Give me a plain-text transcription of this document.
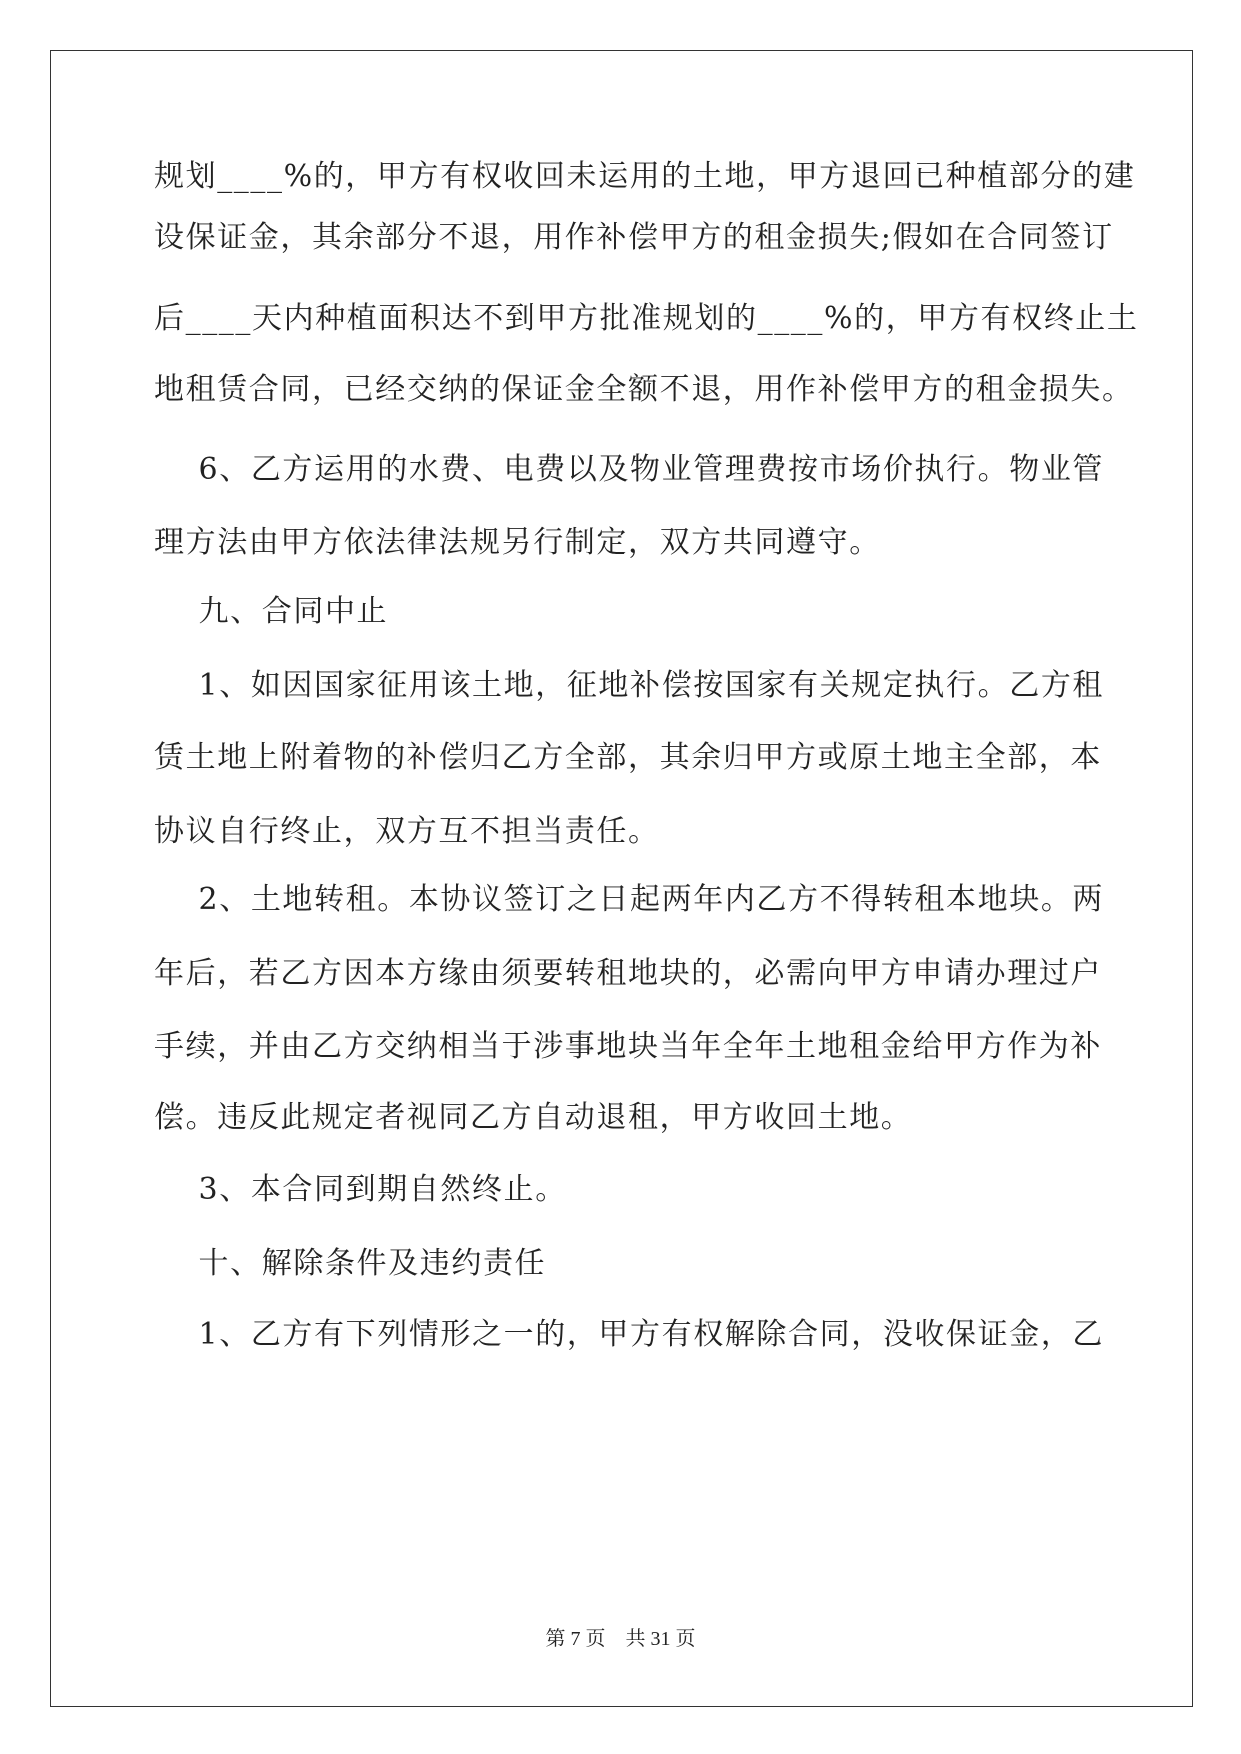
规划____%的，甲方有权收回未运用的土地，甲方退回已种植部分的建
设保证金，其余部分不退，用作补偿甲方的租金损失;假如在合同签订
后____天内种植面积达不到甲方批准规划的____%的，甲方有权终止土
地租赁合同，已经交纳的保证金全额不退，用作补偿甲方的租金损失。
6、乙方运用的水费、电费以及物业管理费按市场价执行。物业管
理方法由甲方依法律法规另行制定，双方共同遵守。
九、合同中止
1、如因国家征用该土地，征地补偿按国家有关规定执行。乙方租
赁土地上附着物的补偿归乙方全部，其余归甲方或原土地主全部，本
协议自行终止，双方互不担当责任。
2、土地转租。本协议签订之日起两年内乙方不得转租本地块。两
年后，若乙方因本方缘由须要转租地块的，必需向甲方申请办理过户
手续，并由乙方交纳相当于涉事地块当年全年土地租金给甲方作为补
偿。违反此规定者视同乙方自动退租，甲方收回土地。
3、本合同到期自然终止。
十、解除条件及违约责任
1、乙方有下列情形之一的，甲方有权解除合同，没收保证金，乙
第 7 页　共 31 页
